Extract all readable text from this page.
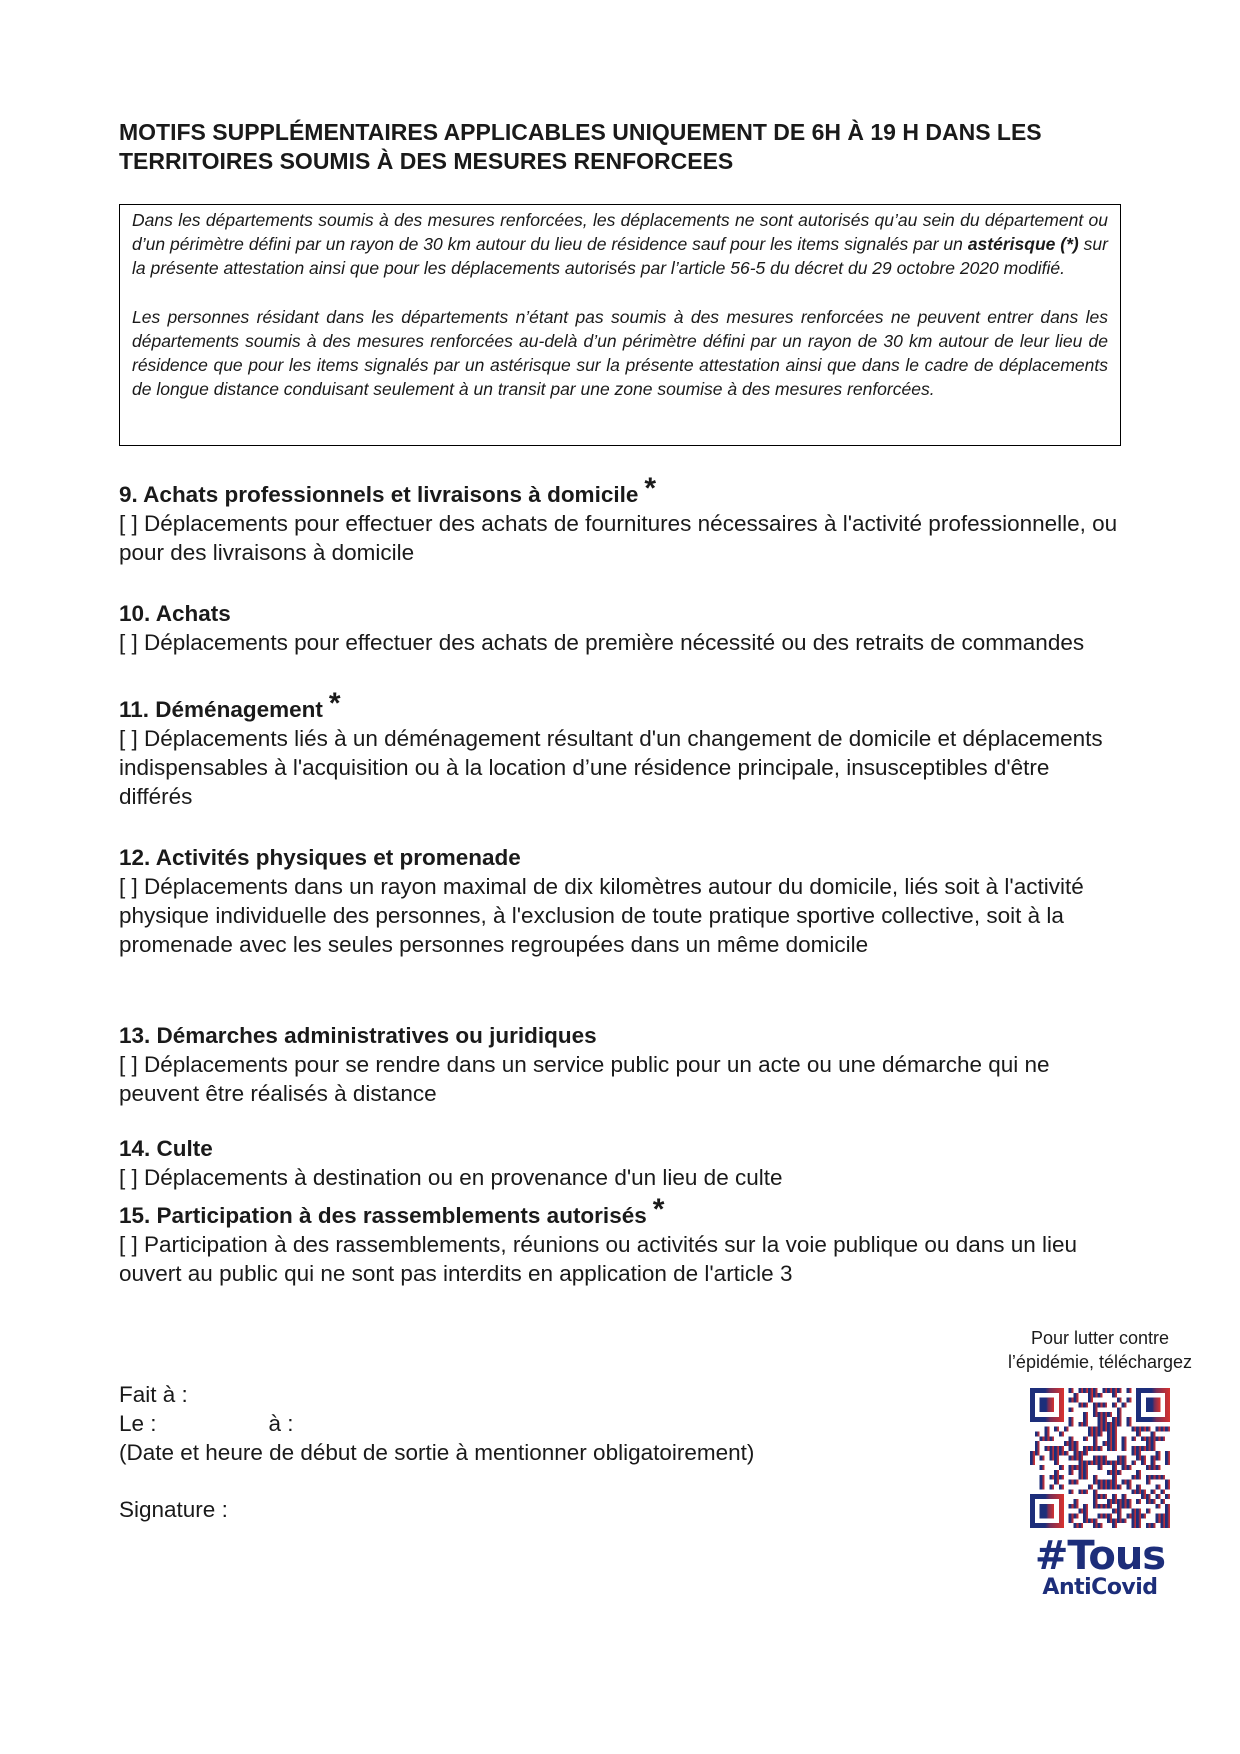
MOTIFS SUPPLÉMENTAIRES APPLICABLES UNIQUEMENT DE 6H À 19 H DANS LES TERRITOIRES SOUMIS À DES MESURES RENFORCEES

Dans les départements soumis à des mesures renforcées, les déplacements ne sont autorisés qu’au sein du département ou d’un périmètre défini par un rayon de 30 km autour du lieu de résidence sauf pour les items signalés par un astérisque (*) sur la présente attestation ainsi que pour les déplacements autorisés par l’article 56-5 du décret du 29 octobre 2020 modifié.

Les personnes résidant dans les départements n’étant pas soumis à des mesures renforcées ne peuvent entrer dans les départements soumis à des mesures renforcées au-delà d’un périmètre défini par un rayon de 30 km autour de leur lieu de résidence que pour les items signalés par un astérisque sur la présente attestation ainsi que dans le cadre de déplacements de longue distance conduisant seulement à un transit par une zone soumise à des mesures renforcées.

9. Achats professionnels et livraisons à domicile *

[ ] Déplacements pour effectuer des achats de fournitures nécessaires à l'activité professionnelle, ou pour des livraisons à domicile

10. Achats

[ ] Déplacements pour effectuer des achats de première nécessité ou des retraits de commandes

11. Déménagement *

[ ] Déplacements liés à un déménagement résultant d'un changement de domicile et déplacements indispensables à l'acquisition ou à la location d’une résidence principale, insusceptibles d'être différés

12. Activités physiques et promenade

[ ] Déplacements dans un rayon maximal de dix kilomètres autour du domicile, liés soit à l'activité physique individuelle des personnes, à l'exclusion de toute pratique sportive collective, soit à la promenade avec les seules personnes regroupées dans un même domicile

13. Démarches administratives ou juridiques

[ ] Déplacements pour se rendre dans un service public pour un acte ou une démarche qui ne peuvent être réalisés à distance

14. Culte

[ ] Déplacements à destination ou en provenance d'un lieu de culte

15. Participation à des rassemblements autorisés *

[ ] Participation à des rassemblements, réunions ou activités sur la voie publique ou dans un lieu ouvert au public qui ne sont pas interdits en application de l'article 3

Fait à :
Le :	à :
(Date et heure de début de sortie à mentionner obligatoirement)
Signature :

Pour lutter contre

l’épidémie, téléchargez

#Tous
AntiCovid
